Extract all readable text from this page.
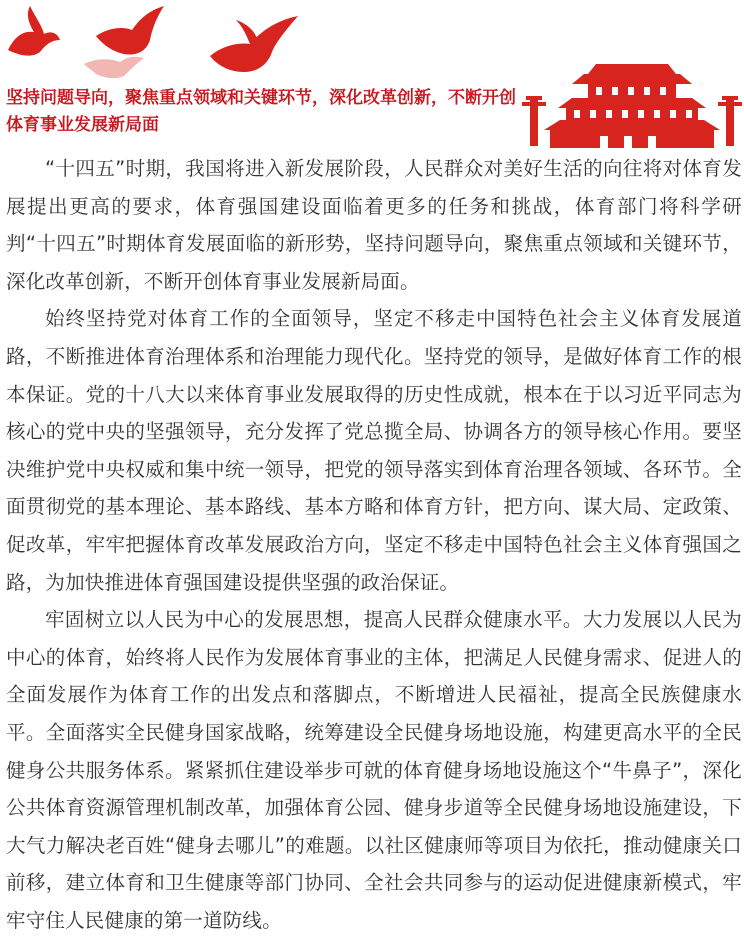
坚持问题导向，聚焦重点领域和关键环节，深化改革创新，不断开创体育事业发展新局面

“十四五”时期，我国将进入新发展阶段，人民群众对美好生活的向往将对体育发展提出更高的要求，体育强国建设面临着更多的任务和挑战，体育部门将科学研判“十四五”时期体育发展面临的新形势，坚持问题导向，聚焦重点领域和关键环节，深化改革创新，不断开创体育事业发展新局面。

始终坚持党对体育工作的全面领导，坚定不移走中国特色社会主义体育发展道路，不断推进体育治理体系和治理能力现代化。坚持党的领导，是做好体育工作的根本保证。党的十八大以来体育事业发展取得的历史性成就，根本在于以习近平同志为核心的党中央的坚强领导，充分发挥了党总揽全局、协调各方的领导核心作用。要坚决维护党中央权威和集中统一领导，把党的领导落实到体育治理各领域、各环节。全面贯彻党的基本理论、基本路线、基本方略和体育方针，把方向、谋大局、定政策、促改革，牢牢把握体育改革发展政治方向，坚定不移走中国特色社会主义体育强国之路，为加快推进体育强国建设提供坚强的政治保证。

牢固树立以人民为中心的发展思想，提高人民群众健康水平。大力发展以人民为中心的体育，始终将人民作为发展体育事业的主体，把满足人民健身需求、促进人的全面发展作为体育工作的出发点和落脚点，不断增进人民福祉，提高全民族健康水平。全面落实全民健身国家战略，统筹建设全民健身场地设施，构建更高水平的全民健身公共服务体系。紧紧抓住建设举步可就的体育健身场地设施这个“牛鼻子”，深化公共体育资源管理机制改革，加强体育公园、健身步道等全民健身场地设施建设，下大气力解决老百姓“健身去哪儿”的难题。以社区健康师等项目为依托，推动健康关口前移，建立体育和卫生健康等部门协同、全社会共同参与的运动促进健康新模式，牢牢守住人民健康的第一道防线。
